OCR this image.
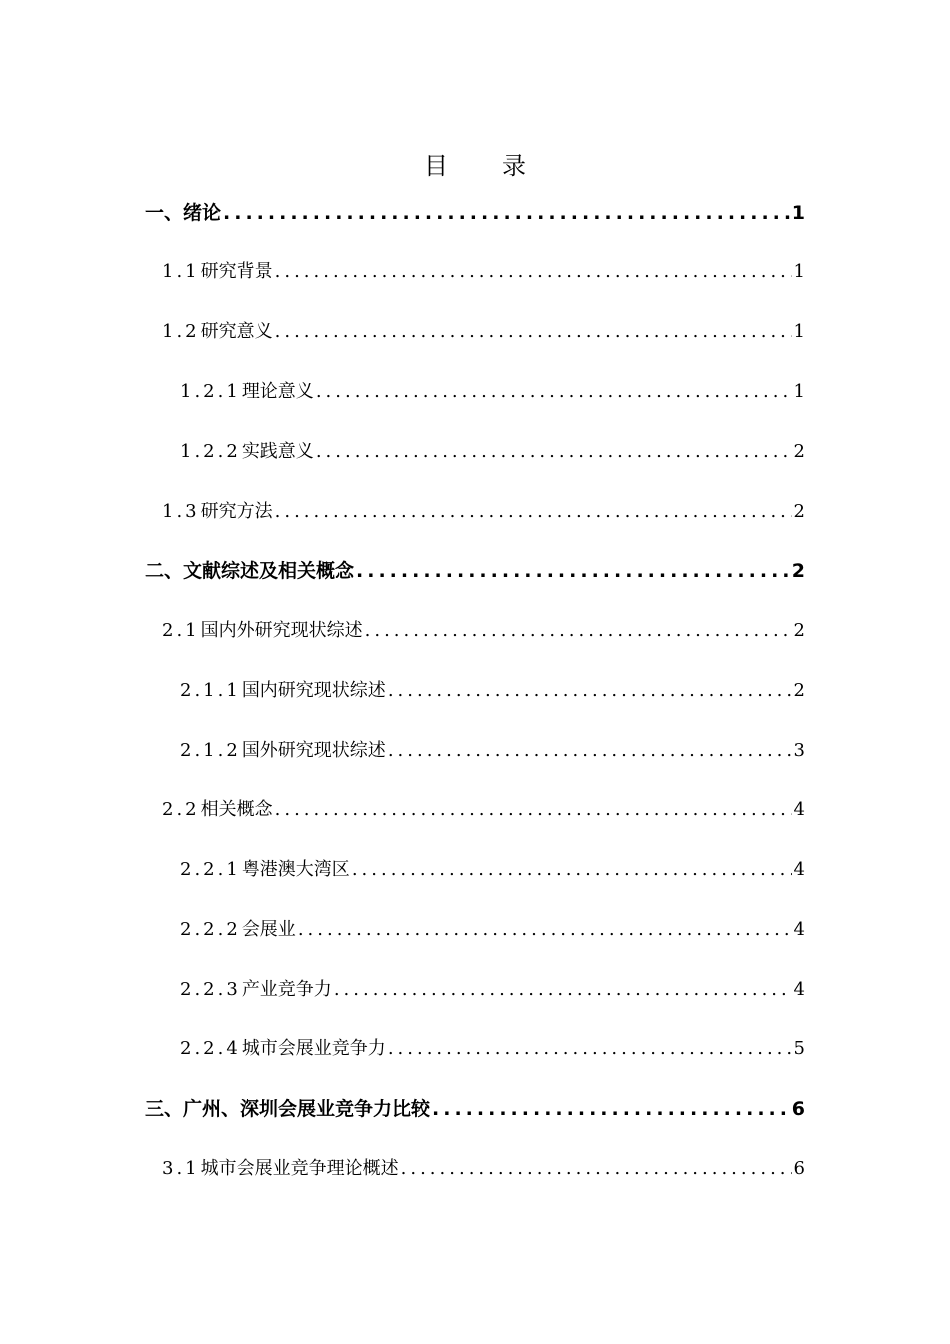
目 录
一、绪论 .....	1
1.1研究背景 .....	1
1.2研究意义 .....	1
1.2.1理论意义 .....	1
1.2.2实践意义 .....	2
1.3研究方法 .....	2
二、文献综述及相关概念 .....	2
2.1国内外研究现状综述 .....	2
2.1.1国内研究现状综述 .....	2
2.1.2国外研究现状综述 .....	3
2.2相关概念 .....	4
2.2.1粤港澳大湾区 .....	4
2.2.2会展业 .....	4
2.2.3产业竞争力 .....	4
2.2.4城市会展业竞争力 .....	5
三、广州、深圳会展业竞争力比较 .....	6
3.1城市会展业竞争理论概述 .....	6
